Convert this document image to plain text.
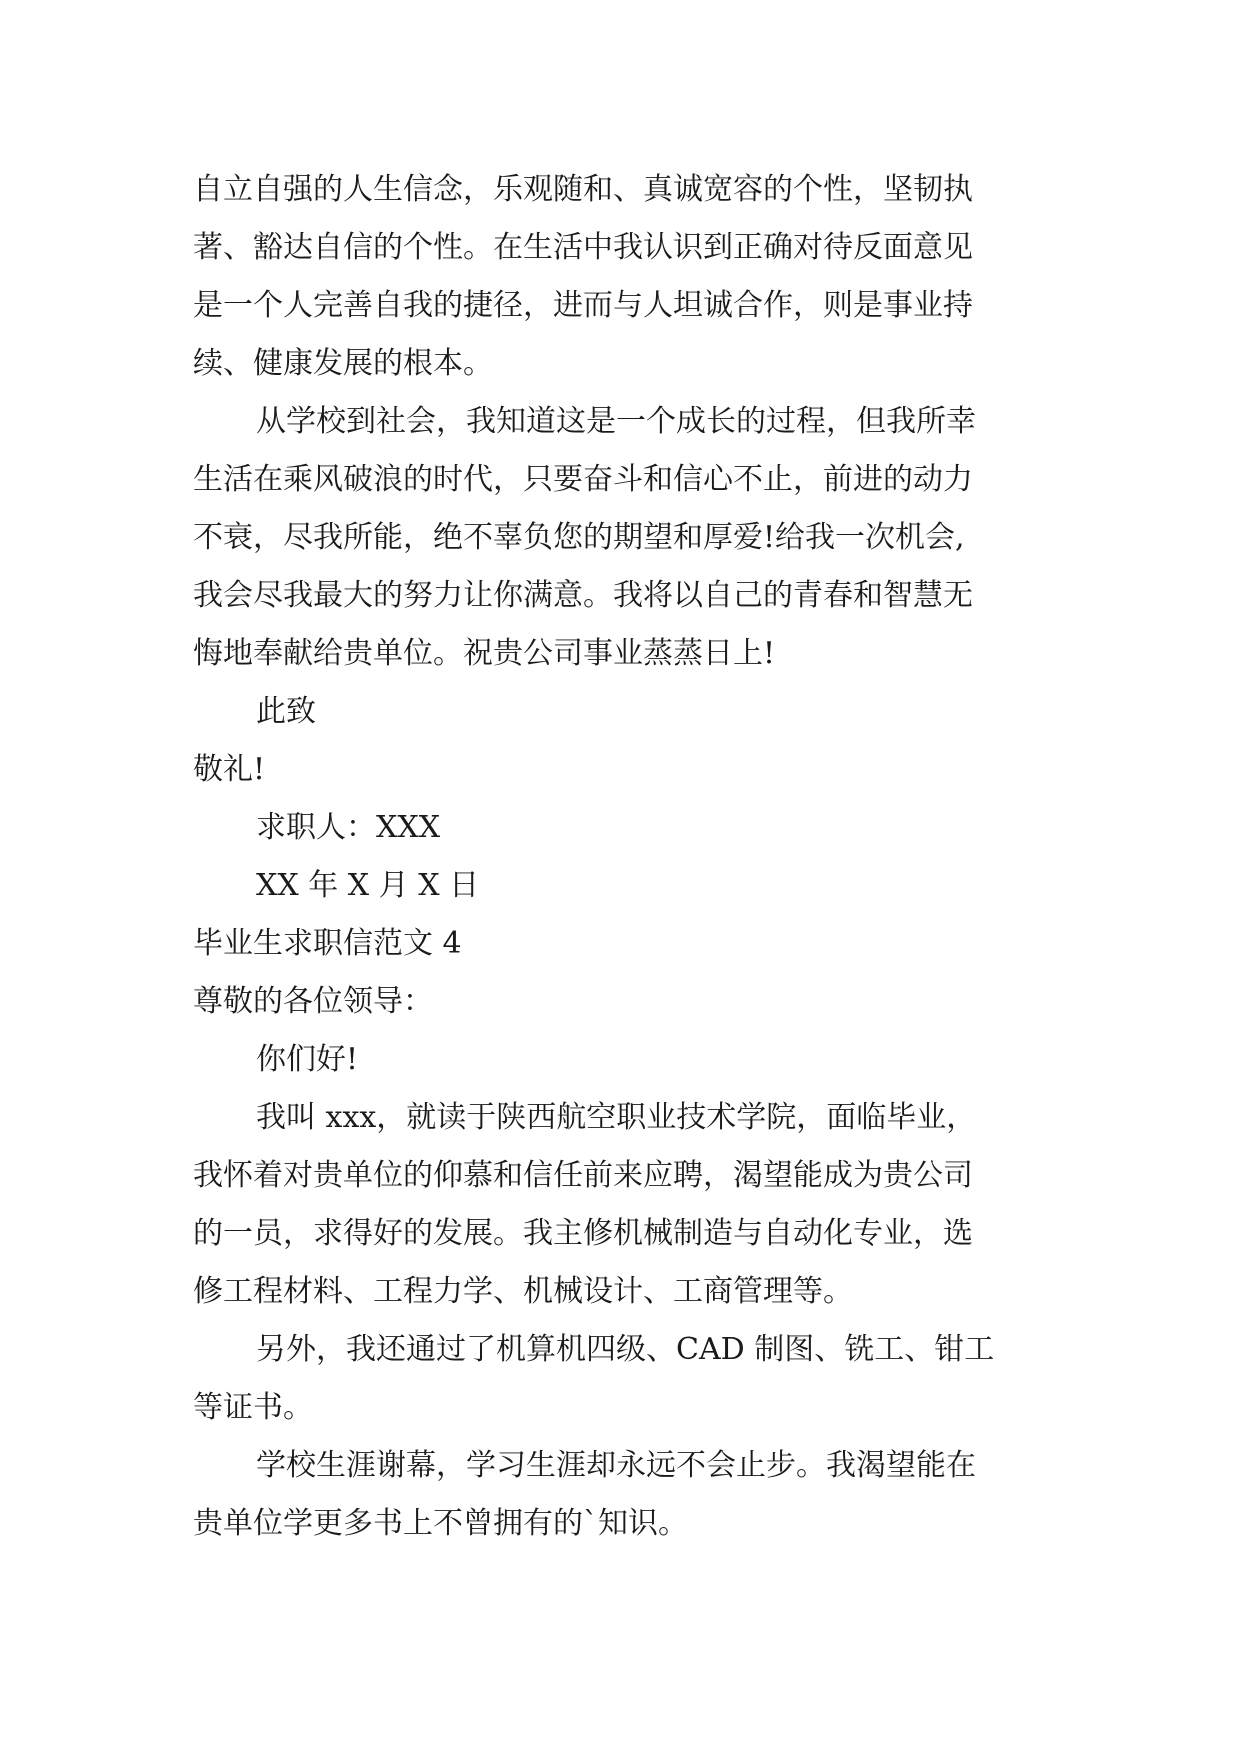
自立自强的人生信念，乐观随和、真诚宽容的个性，坚韧执
著、豁达自信的个性。在生活中我认识到正确对待反面意见
是一个人完善自我的捷径，进而与人坦诚合作，则是事业持
续、健康发展的根本。
从学校到社会，我知道这是一个成长的过程，但我所幸
生活在乘风破浪的时代，只要奋斗和信心不止，前进的动力
不衰，尽我所能，绝不辜负您的期望和厚爱!给我一次机会,
我会尽我最大的努力让你满意。我将以自己的青春和智慧无
悔地奉献给贵单位。祝贵公司事业蒸蒸日上!
此致
敬礼!
求职人：XXX
XX 年 X 月 X 日
毕业生求职信范文 4
尊敬的各位领导：
你们好!
我叫 xxx，就读于陕西航空职业技术学院，面临毕业，
我怀着对贵单位的仰慕和信任前来应聘，渴望能成为贵公司
的一员，求得好的发展。我主修机械制造与自动化专业，选
修工程材料、工程力学、机械设计、工商管理等。
另外，我还通过了机算机四级、CAD 制图、铣工、钳工
等证书。
学校生涯谢幕，学习生涯却永远不会止步。我渴望能在
贵单位学更多书上不曾拥有的`知识。
